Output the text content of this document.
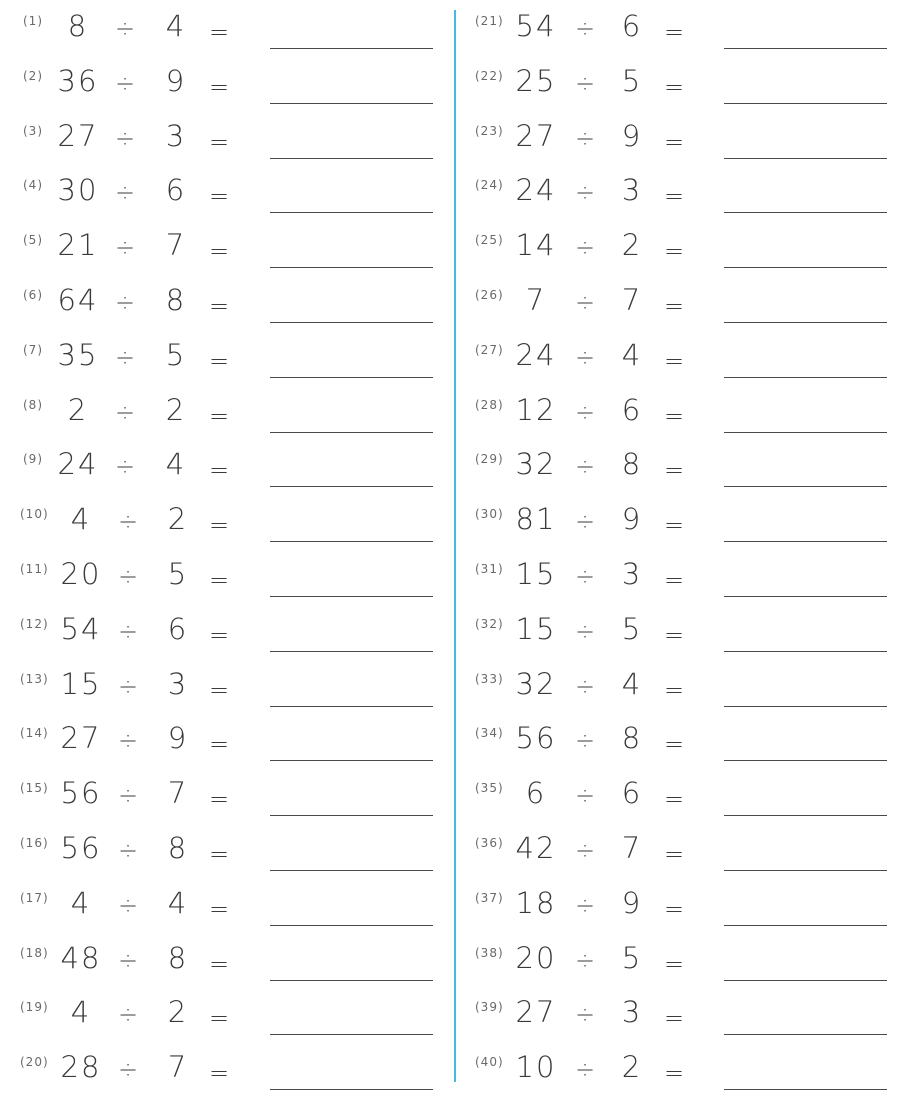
(1) 8	÷ 4 =
(2) 36 ÷ 9 =
(3) 27 ÷ 3 =
(4) 30 ÷ 6 =
(5) 21 ÷ 7 =
(6) 64 ÷ 8 =
(7) 35 ÷ 5 =
(8) 2	÷ 2 =
(9) 24 ÷ 4 =
(10) 4	÷ 2 =
(11) 20 ÷ 5 =
(12) 54 ÷ 6 =
(13) 15 ÷ 3 =
(14) 27 ÷ 9 =
(15) 56 ÷ 7 =
(16) 56 ÷ 8 =
(17) 4	÷ 4 =
(18) 48 ÷ 8 =
(19) 4	÷ 2 =
(20) 28 ÷ 7 =
(21) 54 ÷ 6 =
(22) 25 ÷ 5 =
(23) 27 ÷ 9 =
(24) 24 ÷ 3 =
(25) 14 ÷ 2 =
(26) 7	÷ 7 =
(27) 24 ÷ 4 =
(28) 12 ÷ 6 =
(29) 32 ÷ 8 =
(30) 81 ÷ 9 =
(31) 15 ÷ 3 =
(32) 15 ÷ 5 =
(33) 32 ÷ 4 =
(34) 56 ÷ 8 =
(35) 6	÷ 6 =
(36) 42 ÷ 7 =
(37) 18 ÷ 9 =
(38) 20 ÷ 5 =
(39) 27 ÷ 3 =
(40) 10 ÷ 2 =
